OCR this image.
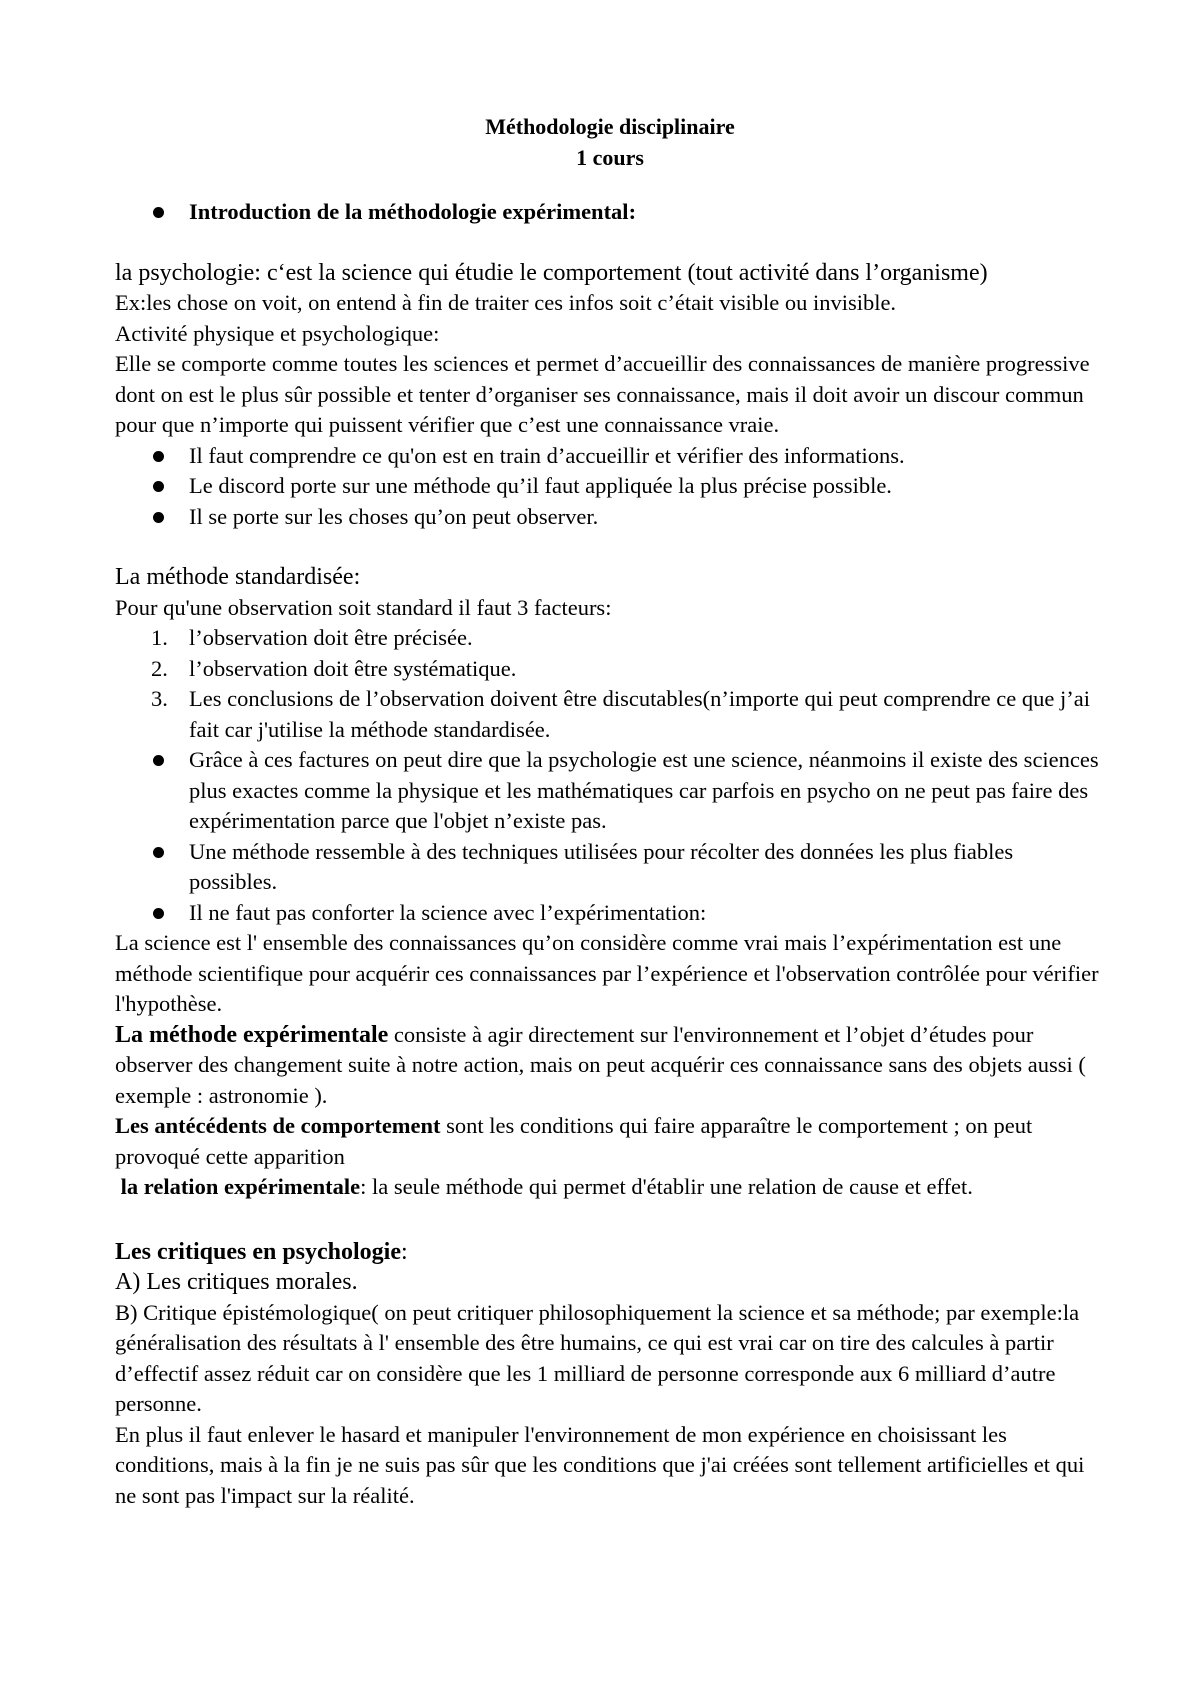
Méthodologie disciplinaire
1 cours
Introduction de la méthodologie expérimental:

la psychologie: c‘est la science qui étudie le comportement (tout activité dans l’organisme)

Ex:les chose on voit, on entend à fin de traiter ces infos soit c’était visible ou invisible.

Activité physique et psychologique:

Elle se comporte comme toutes les sciences et permet d’accueillir des connaissances de manière progressive dont on est le plus sûr possible et tenter d’organiser ses connaissance, mais il doit avoir un discour commun pour que n’importe qui puissent vérifier que c’est une connaissance vraie.

Il faut comprendre ce qu'on est en train d’accueillir et vérifier des informations.
Le discord porte sur une méthode qu’il faut appliquée la plus précise possible.
Il se porte sur les choses qu’on peut observer.

La méthode standardisée:

Pour qu'une observation soit standard il faut 3 facteurs:

1. l’observation doit être précisée.
2. l’observation doit être systématique.
3. Les conclusions de l’observation doivent être discutables(n’importe qui peut comprendre ce que j’ai fait car j'utilise la méthode standardisée.
Grâce à ces factures on peut dire que la psychologie est une science, néanmoins il existe des sciences plus exactes comme la physique et les mathématiques car parfois en psycho on ne peut pas faire des expérimentation parce que l'objet n’existe pas.
Une méthode ressemble à des techniques utilisées pour récolter des données les plus fiables possibles.
Il ne faut pas conforter la science avec l’expérimentation:

La science est l' ensemble des connaissances qu’on considère comme vrai mais l’expérimentation est une méthode scientifique pour acquérir ces connaissances par l’expérience et l'observation contrôlée pour vérifier l'hypothèse.

La méthode expérimentale consiste à agir directement sur l'environnement et l’objet d’études pour observer des changement suite à notre action, mais on peut acquérir ces connaissance sans des objets aussi ( exemple : astronomie ).

Les antécédents de comportement sont les conditions qui faire apparaître le comportement ; on peut provoqué cette apparition

la relation expérimentale: la seule méthode qui permet d'établir une relation de cause et effet.

Les critiques en psychologie:

A) Les critiques morales.

B) Critique épistémologique( on peut critiquer philosophiquement la science et sa méthode; par exemple:la généralisation des résultats à l' ensemble des être humains, ce qui est vrai car on tire des calcules à partir d’effectif assez réduit car on considère que les 1 milliard de personne corresponde aux 6 milliard d’autre personne.

En plus il faut enlever le hasard et manipuler l'environnement de mon expérience en choisissant les conditions, mais à la fin je ne suis pas sûr que les conditions que j'ai créées sont tellement artificielles et qui ne sont pas l'impact sur la réalité.
